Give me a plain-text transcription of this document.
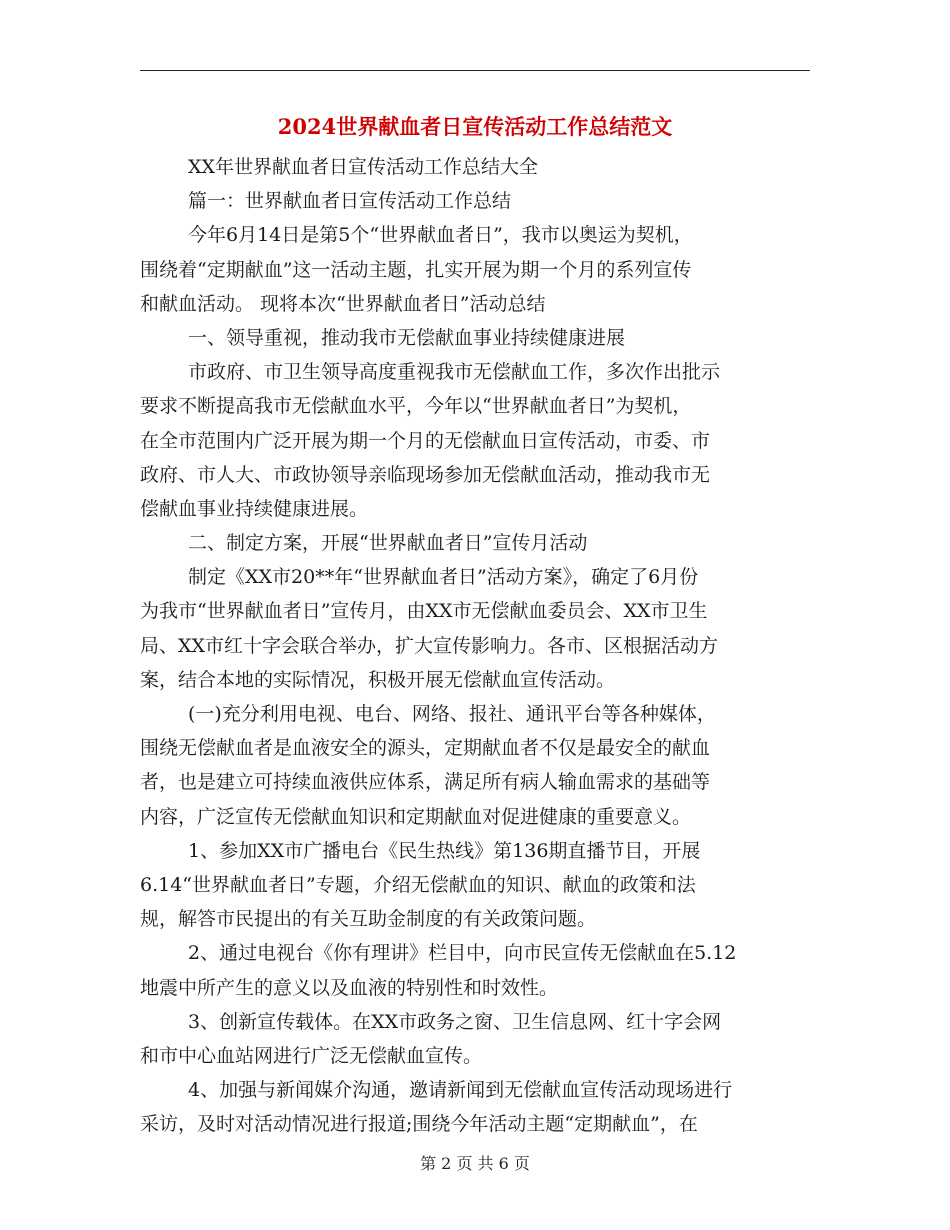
2024世界献血者日宣传活动工作总结范文
XX年世界献血者日宣传活动工作总结大全
篇一：世界献血者日宣传活动工作总结
今年6月14日是第5个“世界献血者日”，我市以奥运为契机，
围绕着“定期献血”这一活动主题，扎实开展为期一个月的系列宣传
和献血活动。 现将本次“世界献血者日”活动总结
一、领导重视，推动我市无偿献血事业持续健康进展
市政府、市卫生领导高度重视我市无偿献血工作，多次作出批示
要求不断提高我市无偿献血水平，今年以“世界献血者日”为契机，
在全市范围内广泛开展为期一个月的无偿献血日宣传活动，市委、市
政府、市人大、市政协领导亲临现场参加无偿献血活动，推动我市无
偿献血事业持续健康进展。
二、制定方案，开展“世界献血者日”宣传月活动
制定《XX市20**年“世界献血者日”活动方案》，确定了6月份
为我市“世界献血者日”宣传月，由XX市无偿献血委员会、XX市卫生
局、XX市红十字会联合举办，扩大宣传影响力。各市、区根据活动方
案，结合本地的实际情况，积极开展无偿献血宣传活动。
(一)充分利用电视、电台、网络、报社、通讯平台等各种媒体，
围绕无偿献血者是血液安全的源头，定期献血者不仅是最安全的献血
者，也是建立可持续血液供应体系，满足所有病人输血需求的基础等
内容，广泛宣传无偿献血知识和定期献血对促进健康的重要意义。
1、参加XX市广播电台《民生热线》第136期直播节目，开展
6.14“世界献血者日”专题，介绍无偿献血的知识、献血的政策和法
规，解答市民提出的有关互助金制度的有关政策问题。
2、通过电视台《你有理讲》栏目中，向市民宣传无偿献血在5.12
地震中所产生的意义以及血液的特别性和时效性。
3、创新宣传载体。在XX市政务之窗、卫生信息网、红十字会网
和市中心血站网进行广泛无偿献血宣传。
4、加强与新闻媒介沟通，邀请新闻到无偿献血宣传活动现场进行
采访，及时对活动情况进行报道;围绕今年活动主题“定期献血”，在
第 2 页 共 6 页
